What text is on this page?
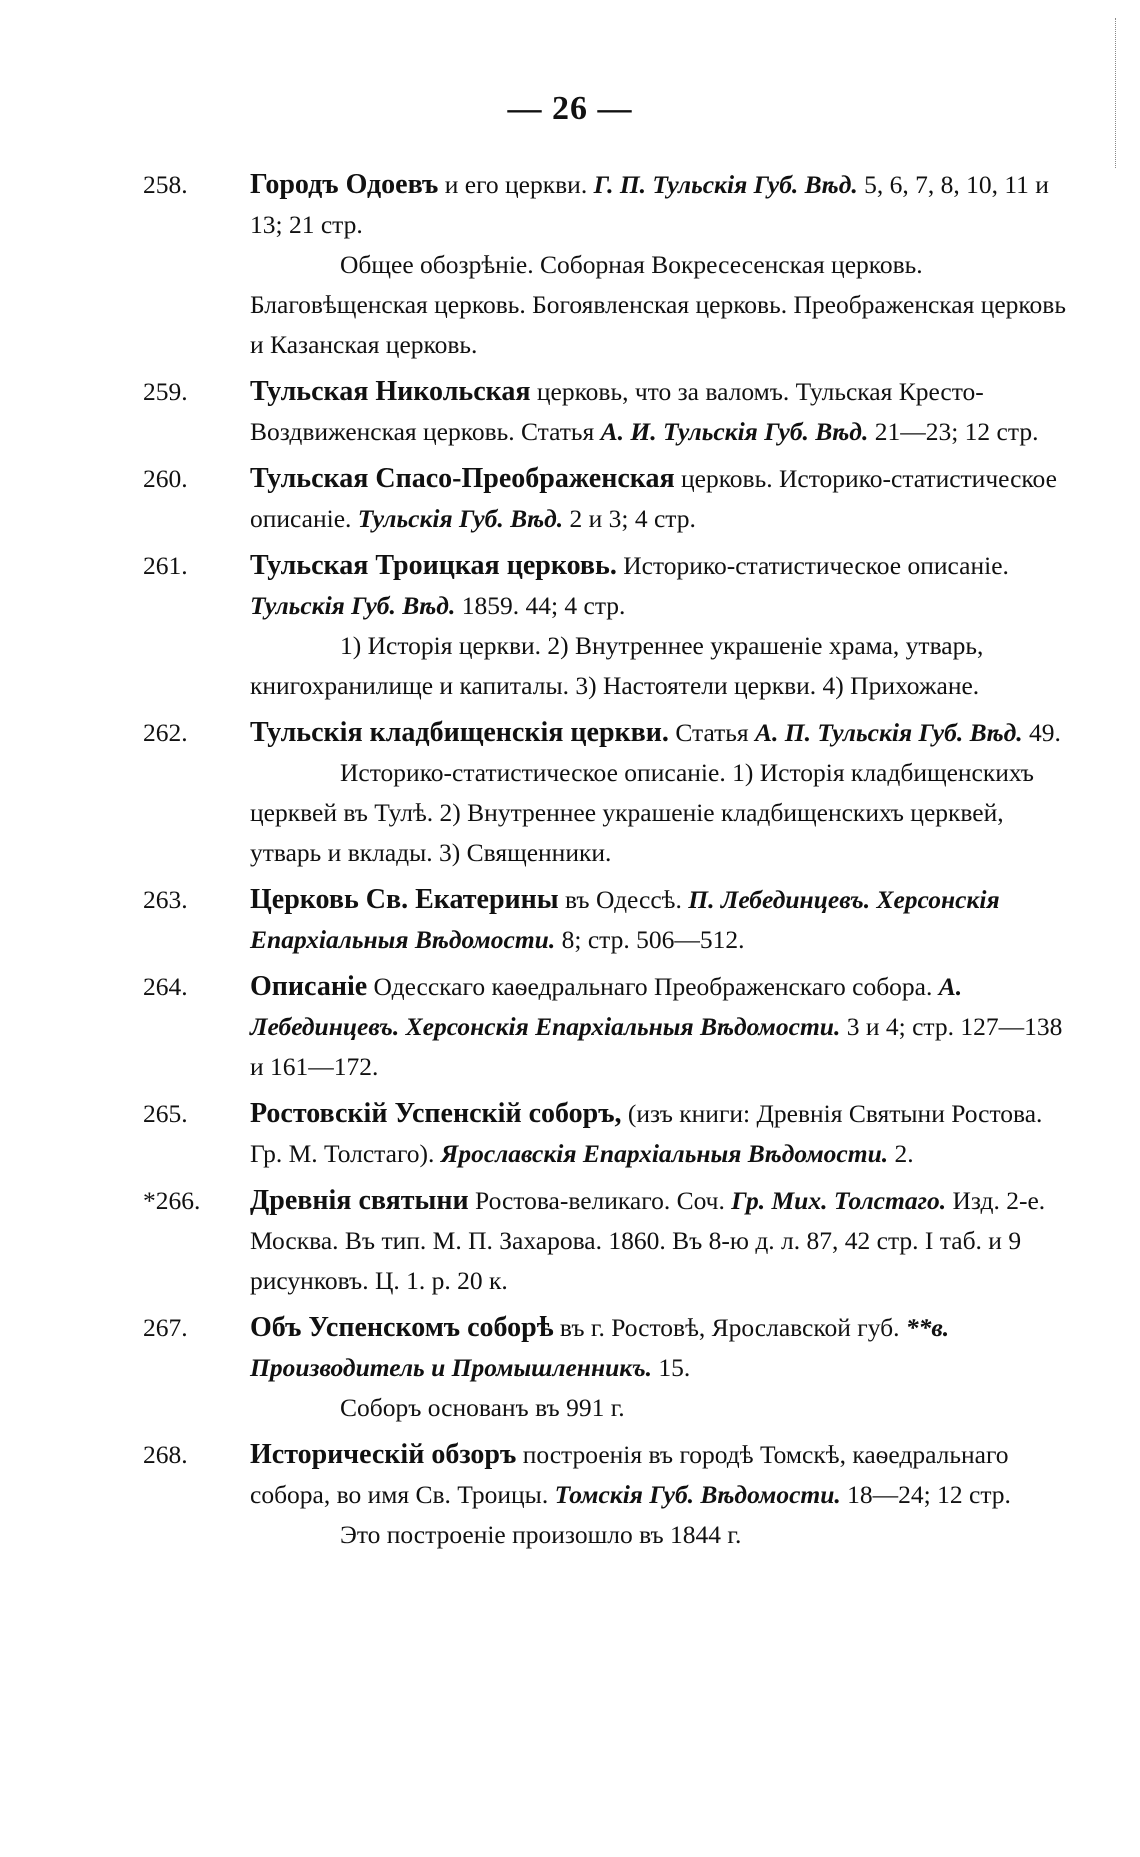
— 26 —
258.	Городъ Одоевъ и его церкви. Г. П. Тульскія Губ. Вѣд. 5, 6, 7, 8, 10, 11 и 13; 21 стр.
Общее обозрѣніе. Соборная Вокресесенская церковь. Благовѣщенская церковь. Богоявленская церковь. Преображенская церковь и Казанская церковь.
259.	Тульская Никольская церковь, что за валомъ. Тульская Кресто-Воздвиженская церковь. Статья А. И. Тульскія Губ. Вѣд. 21—23; 12 стр.
260.	Тульская Спасо-Преображенская церковь. Историко-статистическое описаніе. Тульскія Губ. Вѣд. 2 и 3; 4 стр.
261.	Тульская Троицкая церковь. Историко-статистическое описаніе. Тульскія Губ. Вѣд. 1859. 44; 4 стр.
1) Исторія церкви. 2) Внутреннее украшеніе храма, утварь, книгохранилище и капиталы. 3) Настоятели церкви. 4) Прихожане.
262.	Тульскія кладбищенскія церкви. Статья А. П. Тульскія Губ. Вѣд. 49.
Историко-статистическое описаніе. 1) Исторія кладбищенскихъ церквей въ Тулѣ. 2) Внутреннее украшеніе кладбищенскихъ церквей, утварь и вклады. 3) Священники.
263.	Церковь Св. Екатерины въ Одессѣ. П. Лебединцевъ. Херсонскія Епархіальныя Вѣдомости. 8; стр. 506—512.
264.	Описаніе Одесскаго каѳедральнаго Преображенскаго собора. А. Лебединцевъ. Херсонскія Епархіальныя Вѣдомости. 3 и 4; стр. 127—138 и 161—172.
265.	Ростовскій Успенскій соборъ, (изъ книги: Древнія Святыни Ростова. Гр. М. Толстаго). Ярославскія Епархіальныя Вѣдомости. 2.
*266.	Древнія святыни Ростова-великаго. Соч. Гр. Мих. Толстаго. Изд. 2-е. Москва. Въ тип. М. П. Захарова. 1860. Въ 8-ю д. л. 87, 42 стр. I таб. и 9 рисунковъ. Ц. 1. р. 20 к.
267.	Объ Успенскомъ соборѣ въ г. Ростовѣ, Ярославской губ. **в. Производитель и Промышленникъ. 15.
Соборъ основанъ въ 991 г.
268.	Историческій обзоръ построенія въ городѣ Томскѣ, каѳедральнаго собора, во имя Св. Троицы. Томскія Губ. Вѣдомости. 18—24; 12 стр.
Это построеніе произошло въ 1844 г.
